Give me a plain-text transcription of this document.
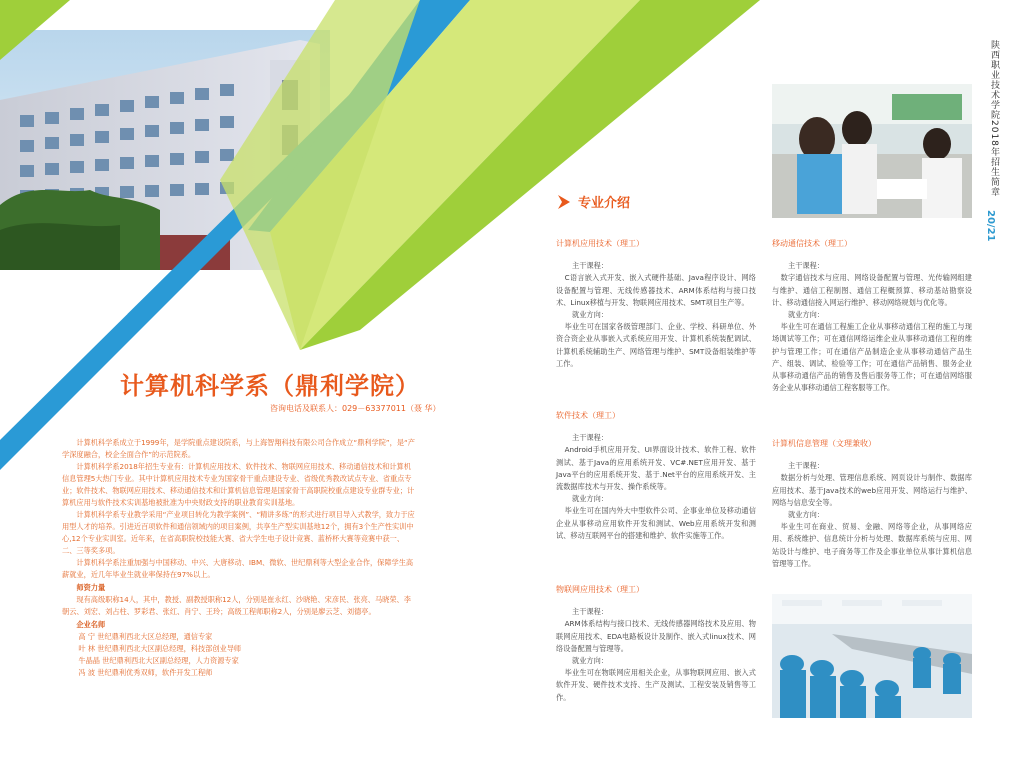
计算机科学系（鼎利学院）
咨询电话及联系人：029－63377011（聂 华）

计算机科学系成立于1999年，是学院重点建设院系，与上海智翔科技有限公司合作成立“鼎利学院”，是“产学深度融合，校企全面合作”的示范院系。

计算机科学系2018年招生专业有：计算机应用技术、软件技术、物联网应用技术、移动通信技术和计算机信息管理5大热门专业。其中计算机应用技术专业为国家骨干重点建设专业、省级优秀教改试点专业、省重点专业；软件技术、物联网应用技术、移动通信技术和计算机信息管理是国家骨干高职院校重点建设专业群专业；计算机应用与软件技术实训基地被批准为中央财政支持的职业教育实训基地。

计算机科学系专业教学采用“产业项目转化为教学案例”、“精讲多练”的形式进行项目导入式教学，致力于应用型人才的培养。引进近百项软件和通信领域内的项目案例，共享生产型实训基地12个，拥有3个生产性实训中心,12个专业实训室。近年来，在省高职院校技能大赛、省大学生电子设计竞赛、蓝桥杯大赛等竞赛中获一、二、三等奖多项。

计算机科学系注重加强与中国移动、中兴、大唐移动、IBM、微软、世纪鼎利等大型企业合作，保障学生高薪就业，近几年毕业生就业率保持在97%以上。

师资力量

现有高级职称14人，其中，教授、副教授职称12人，分别是崔永红、沙晓艳、宋彦民、张亮、马晓荣、李朝云、刘宏、刘占柱、罗彩君、张红、肖宁、王玲；高级工程师职称2人，分别是廖云芝、刘德亭。

企业名师

高 宁 世纪鼎利西北大区总经理，通信专家

叶 林 世纪鼎利西北大区副总经理，科技部创业导师

牛晶晶 世纪鼎利西北大区副总经理，人力资源专家

冯 波 世纪鼎利优秀双师，软件开发工程师

专业介绍
计算机应用技术（理工）

主干课程：

C语言嵌入式开发、嵌入式硬件基础、Java程序设计、网络设备配置与管理、无线传感器技术、ARM体系结构与接口技术、Linux移植与开发、物联网应用技术、SMT项目生产等。

就业方向：

毕业生可在国家各级管理部门、企业、学校、科研单位、外资合资企业从事嵌入式系统应用开发、计算机系统装配调试、计算机系统辅助生产、网络管理与维护、SMT设备组装维护等工作。

软件技术（理工）

主干课程：

Android手机应用开发、UI界面设计技术、软件工程、软件测试、基于Java的应用系统开发、VC#.NET应用开发、基于Java平台的应用系统开发、基于.Net平台的应用系统开发、主流数据库技术与开发、操作系统等。

就业方向：

毕业生可在国内外大中型软件公司、企事业单位及移动通信企业从事移动应用软件开发和测试、Web应用系统开发和测试、移动互联网平台的搭建和维护、软件实施等工作。

物联网应用技术（理工）

主干课程：

ARM体系结构与接口技术、无线传感器网络技术及应用、物联网应用技术、EDA电路板设计及制作、嵌入式linux技术、网络设备配置与管理等。

就业方向：

毕业生可在物联网应用相关企业，从事物联网应用、嵌入式软件开发、硬件技术支持、生产及测试、工程安装及销售等工作。

移动通信技术（理工）

主干课程：

数字通信技术与应用、网络设备配置与管理、光传输网组建与维护、通信工程制图、通信工程概预算、移动基站勘察设计、移动通信接入网运行维护、移动网络规划与优化等。

就业方向：

毕业生可在通信工程施工企业从事移动通信工程的施工与现场调试等工作；可在通信网络运维企业从事移动通信工程的维护与管理工作；可在通信产品制造企业从事移动通信产品生产、组装、调试、检验等工作；可在通信产品销售、服务企业从事移动通信产品的销售及售后服务等工作；可在通信网络服务企业从事移动通信工程客服等工作。

计算机信息管理（文理兼收）

主干课程：

数据分析与处理、管理信息系统、网页设计与制作、数据库应用技术、基于Java技术的web应用开发、网络运行与维护、网络与信息安全等。

就业方向：

毕业生可在商业、贸易、金融、网络等企业，从事网络应用、系统维护、信息统计分析与处理、数据库系统与应用、网站设计与维护、电子商务等工作及企事业单位从事计算机信息管理等工作。

陕西职业技术学院2018年招生简章
20/21
